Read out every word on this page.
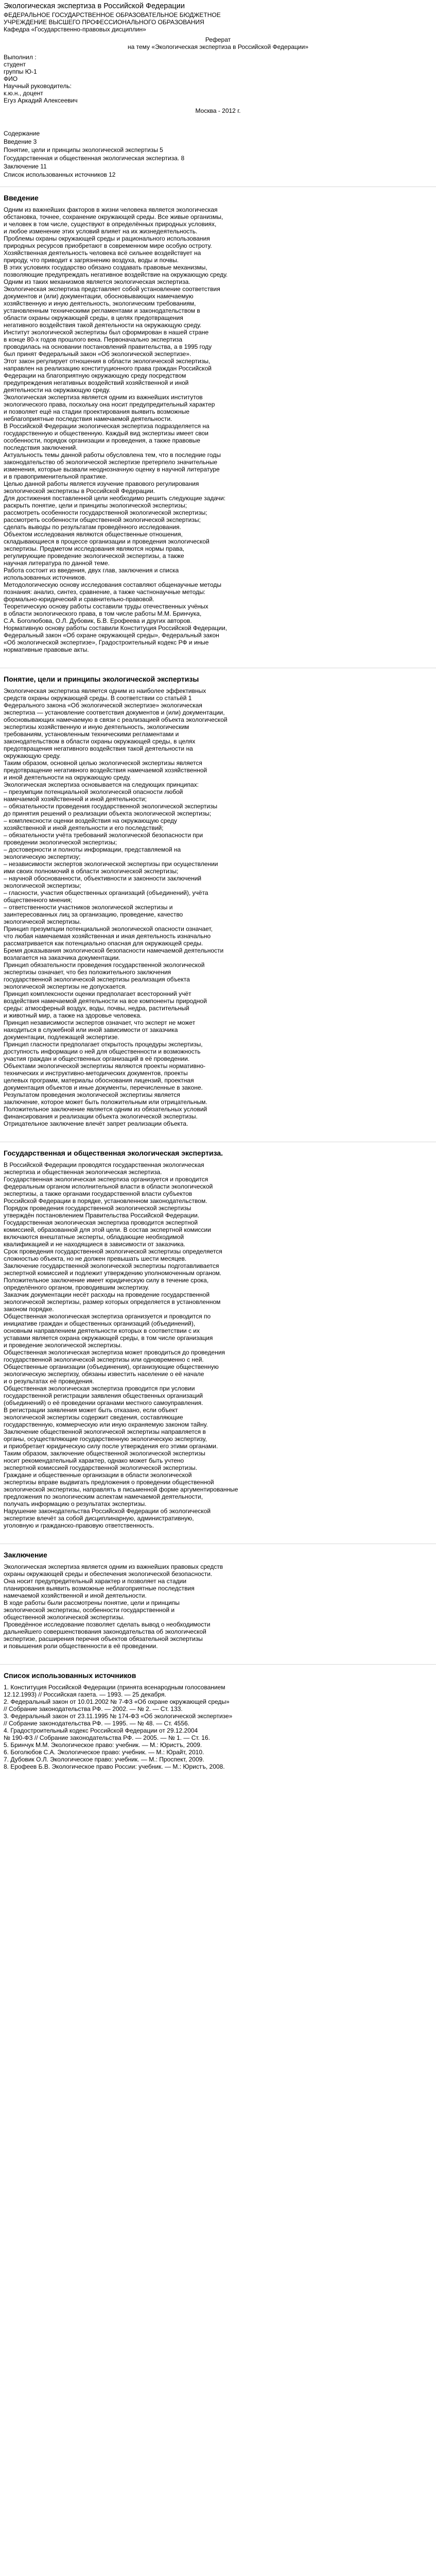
Экологическая экспертиза в Российской Федерации

ФЕДЕРАЛЬНОЕ ГОСУДАРСТВЕННОЕ ОБРАЗОВАТЕЛЬНОЕ БЮДЖЕТНОЕ

УЧРЕЖДЕНИЕ ВЫСШЕГО ПРОФЕССИОНАЛЬНОГО ОБРАЗОВАНИЯ

Кафедра «Государственно-правовых дисциплин»

Реферат

на тему «Экологическая экспертиза в Российской Федерации»

Выполнил :

студент

группы Ю-1

ФИО

Научный руководитель:

к.ю.н., доцент

Егуз Аркадий Алексеевич

Москва - 2012 г.

Содержание

Введение 3

Понятие, цели и принципы экологической экспертизы 5

Государственная и общественная экологическая экспертиза. 8

Заключение 11

Список использованных источников 12

Введение

Одним из важнейших факторов в жизни человека является экологическая

обстановка, точнее, сохранение окружающей среды. Все живые организмы,

и человек в том числе, существуют в определённых природных условиях,

и любое изменение этих условий влияет на их жизнедеятельность.

Проблемы охраны окружающей среды и рационального использования

природных ресурсов приобретают в современном мире особую остроту.

Хозяйственная деятельность человека всё сильнее воздействует на

природу, что приводит к загрязнению воздуха, воды и почвы.

В этих условиях государство обязано создавать правовые механизмы,

позволяющие предупреждать негативное воздействие на окружающую среду.

Одним из таких механизмов является экологическая экспертиза.

Экологическая экспертиза представляет собой установление соответствия

документов и (или) документации, обосновывающих намечаемую

хозяйственную и иную деятельность, экологическим требованиям,

установленным техническими регламентами и законодательством в

области охраны окружающей среды, в целях предотвращения

негативного воздействия такой деятельности на окружающую среду.

Институт экологической экспертизы был сформирован в нашей стране

в конце 80-х годов прошлого века. Первоначально экспертиза

проводилась на основании постановлений правительства, а в 1995 году

был принят Федеральный закон «Об экологической экспертизе».

Этот закон регулирует отношения в области экологической экспертизы,

направлен на реализацию конституционного права граждан Российской

Федерации на благоприятную окружающую среду посредством

предупреждения негативных воздействий хозяйственной и иной

деятельности на окружающую среду.

Экологическая экспертиза является одним из важнейших институтов

экологического права, поскольку она носит предупредительный характер

и позволяет ещё на стадии проектирования выявить возможные

неблагоприятные последствия намечаемой деятельности.

В Российской Федерации экологическая экспертиза подразделяется на

государственную и общественную. Каждый вид экспертизы имеет свои

особенности, порядок организации и проведения, а также правовые

последствия заключений.

Актуальность темы данной работы обусловлена тем, что в последние годы

законодательство об экологической экспертизе претерпело значительные

изменения, которые вызвали неоднозначную оценку в научной литературе

и в правоприменительной практике.

Целью данной работы является изучение правового регулирования

экологической экспертизы в Российской Федерации.

Для достижения поставленной цели необходимо решить следующие задачи:

раскрыть понятие, цели и принципы экологической экспертизы;

рассмотреть особенности государственной экологической экспертизы;

рассмотреть особенности общественной экологической экспертизы;

сделать выводы по результатам проведённого исследования.

Объектом исследования являются общественные отношения,

складывающиеся в процессе организации и проведения экологической

экспертизы. Предметом исследования являются нормы права,

регулирующие проведение экологической экспертизы, а также

научная литература по данной теме.

Работа состоит из введения, двух глав, заключения и списка

использованных источников.

Методологическую основу исследования составляют общенаучные методы

познания: анализ, синтез, сравнение, а также частнонаучные методы:

формально-юридический и сравнительно-правовой.

Теоретическую основу работы составили труды отечественных учёных

в области экологического права, в том числе работы М.М. Бринчука,

С.А. Боголюбова, О.Л. Дубовик, Б.В. Ерофеева и других авторов.

Нормативную основу работы составили Конституция Российской Федерации,

Федеральный закон «Об охране окружающей среды», Федеральный закон

«Об экологической экспертизе», Градостроительный кодекс РФ и иные

нормативные правовые акты.

Понятие, цели и принципы экологической экспертизы

Экологическая экспертиза является одним из наиболее эффективных

средств охраны окружающей среды. В соответствии со статьёй 1

Федерального закона «Об экологической экспертизе» экологическая

экспертиза — установление соответствия документов и (или) документации,

обосновывающих намечаемую в связи с реализацией объекта экологической

экспертизы хозяйственную и иную деятельность, экологическим

требованиям, установленным техническими регламентами и

законодательством в области охраны окружающей среды, в целях

предотвращения негативного воздействия такой деятельности на

окружающую среду.

Таким образом, основной целью экологической экспертизы является

предотвращение негативного воздействия намечаемой хозяйственной

и иной деятельности на окружающую среду.

Экологическая экспертиза основывается на следующих принципах:

– презумпции потенциальной экологической опасности любой

намечаемой хозяйственной и иной деятельности;

– обязательности проведения государственной экологической экспертизы

до принятия решений о реализации объекта экологической экспертизы;

– комплексности оценки воздействия на окружающую среду

хозяйственной и иной деятельности и его последствий;

– обязательности учёта требований экологической безопасности при

проведении экологической экспертизы;

– достоверности и полноты информации, представляемой на

экологическую экспертизу;

– независимости экспертов экологической экспертизы при осуществлении

ими своих полномочий в области экологической экспертизы;

– научной обоснованности, объективности и законности заключений

экологической экспертизы;

– гласности, участия общественных организаций (объединений), учёта

общественного мнения;

– ответственности участников экологической экспертизы и

заинтересованных лиц за организацию, проведение, качество

экологической экспертизы.

Принцип презумпции потенциальной экологической опасности означает,

что любая намечаемая хозяйственная и иная деятельность изначально

рассматривается как потенциально опасная для окружающей среды.

Бремя доказывания экологической безопасности намечаемой деятельности

возлагается на заказчика документации.

Принцип обязательности проведения государственной экологической

экспертизы означает, что без положительного заключения

государственной экологической экспертизы реализация объекта

экологической экспертизы не допускается.

Принцип комплексности оценки предполагает всесторонний учёт

воздействия намечаемой деятельности на все компоненты природной

среды: атмосферный воздух, воды, почвы, недра, растительный

и животный мир, а также на здоровье человека.

Принцип независимости экспертов означает, что эксперт не может

находиться в служебной или иной зависимости от заказчика

документации, подлежащей экспертизе.

Принцип гласности предполагает открытость процедуры экспертизы,

доступность информации о ней для общественности и возможность

участия граждан и общественных организаций в её проведении.

Объектами экологической экспертизы являются проекты нормативно-

технических и инструктивно-методических документов, проекты

целевых программ, материалы обоснования лицензий, проектная

документация объектов и иные документы, перечисленные в законе.

Результатом проведения экологической экспертизы является

заключение, которое может быть положительным или отрицательным.

Положительное заключение является одним из обязательных условий

финансирования и реализации объекта экологической экспертизы.

Отрицательное заключение влечёт запрет реализации объекта.

Государственная и общественная экологическая экспертиза.

В Российской Федерации проводятся государственная экологическая

экспертиза и общественная экологическая экспертиза.

Государственная экологическая экспертиза организуется и проводится

федеральным органом исполнительной власти в области экологической

экспертизы, а также органами государственной власти субъектов

Российской Федерации в порядке, установленном законодательством.

Порядок проведения государственной экологической экспертизы

утверждён постановлением Правительства Российской Федерации.

Государственная экологическая экспертиза проводится экспертной

комиссией, образованной для этой цели. В состав экспертной комиссии

включаются внештатные эксперты, обладающие необходимой

квалификацией и не находящиеся в зависимости от заказчика.

Срок проведения государственной экологической экспертизы определяется

сложностью объекта, но не должен превышать шести месяцев.

Заключение государственной экологической экспертизы подготавливается

экспертной комиссией и подлежит утверждению уполномоченным органом.

Положительное заключение имеет юридическую силу в течение срока,

определённого органом, проводившим экспертизу.

Заказчик документации несёт расходы на проведение государственной

экологической экспертизы, размер которых определяется в установленном

законом порядке.

Общественная экологическая экспертиза организуется и проводится по

инициативе граждан и общественных организаций (объединений),

основным направлением деятельности которых в соответствии с их

уставами является охрана окружающей среды, в том числе организация

и проведение экологической экспертизы.

Общественная экологическая экспертиза может проводиться до проведения

государственной экологической экспертизы или одновременно с ней.

Общественные организации (объединения), организующие общественную

экологическую экспертизу, обязаны известить население о её начале

и о результатах её проведения.

Общественная экологическая экспертиза проводится при условии

государственной регистрации заявления общественных организаций

(объединений) о её проведении органами местного самоуправления.

В регистрации заявления может быть отказано, если объект

экологической экспертизы содержит сведения, составляющие

государственную, коммерческую или иную охраняемую законом тайну.

Заключение общественной экологической экспертизы направляется в

органы, осуществляющие государственную экологическую экспертизу,

и приобретает юридическую силу после утверждения его этими органами.

Таким образом, заключение общественной экологической экспертизы

носит рекомендательный характер, однако может быть учтено

экспертной комиссией государственной экологической экспертизы.

Граждане и общественные организации в области экологической

экспертизы вправе выдвигать предложения о проведении общественной

экологической экспертизы, направлять в письменной форме аргументированные

предложения по экологическим аспектам намечаемой деятельности,

получать информацию о результатах экспертизы.

Нарушение законодательства Российской Федерации об экологической

экспертизе влечёт за собой дисциплинарную, административную,

уголовную и гражданско-правовую ответственность.

Заключение

Экологическая экспертиза является одним из важнейших правовых средств

охраны окружающей среды и обеспечения экологической безопасности.

Она носит предупредительный характер и позволяет на стадии

планирования выявить возможные неблагоприятные последствия

намечаемой хозяйственной и иной деятельности.

В ходе работы были рассмотрены понятие, цели и принципы

экологической экспертизы, особенности государственной и

общественной экологической экспертизы.

Проведённое исследование позволяет сделать вывод о необходимости

дальнейшего совершенствования законодательства об экологической

экспертизе, расширения перечня объектов обязательной экспертизы

и повышения роли общественности в её проведении.

Список использованных источников

1. Конституция Российской Федерации (принята всенародным голосованием

12.12.1993) // Российская газета. — 1993. — 25 декабря.

2. Федеральный закон от 10.01.2002 № 7-ФЗ «Об охране окружающей среды»

// Собрание законодательства РФ. — 2002. — № 2. — Ст. 133.

3. Федеральный закон от 23.11.1995 № 174-ФЗ «Об экологической экспертизе»

// Собрание законодательства РФ. — 1995. — № 48. — Ст. 4556.

4. Градостроительный кодекс Российской Федерации от 29.12.2004

№ 190-ФЗ // Собрание законодательства РФ. — 2005. — № 1. — Ст. 16.

5. Бринчук М.М. Экологическое право: учебник. — М.: Юристъ, 2009.

6. Боголюбов С.А. Экологическое право: учебник. — М.: Юрайт, 2010.

7. Дубовик О.Л. Экологическое право: учебник. — М.: Проспект, 2009.

8. Ерофеев Б.В. Экологическое право России: учебник. — М.: Юристъ, 2008.
